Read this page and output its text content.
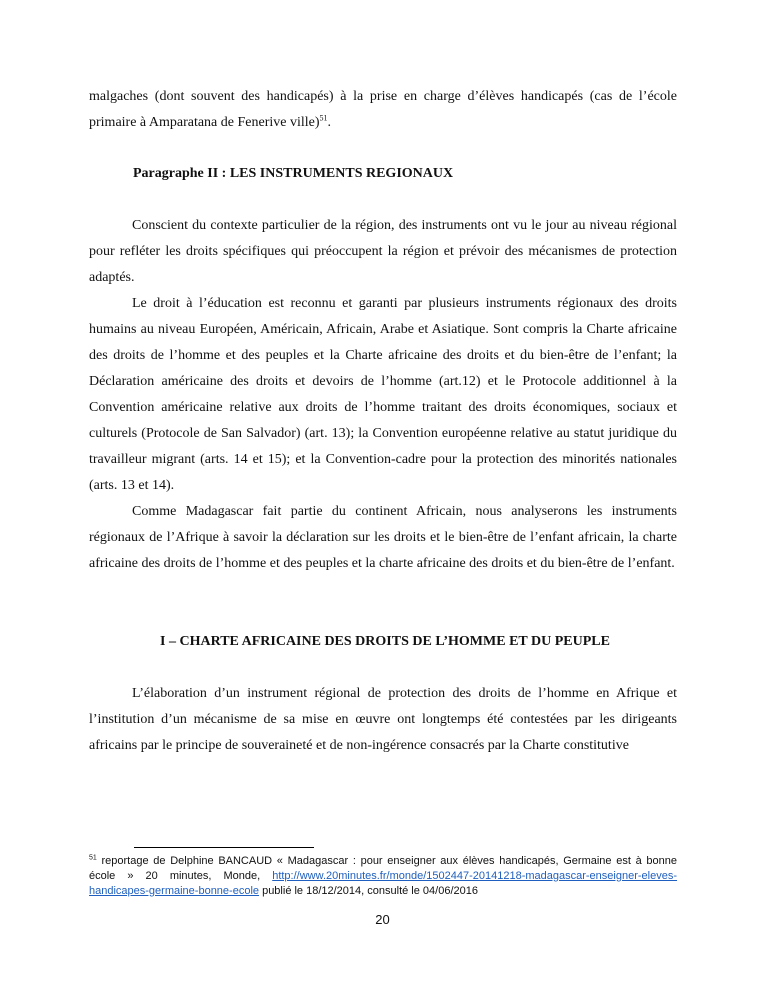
malgaches (dont souvent des handicapés) à la prise en charge d’élèves handicapés (cas de l’école primaire à Amparatana de Fenerive ville)$^{51}$.

Paragraphe II : LES INSTRUMENTS REGIONAUX

Conscient du contexte particulier de la région, des instruments ont vu le jour au niveau régional pour refléter les droits spécifiques qui préoccupent la région et prévoir des mécanismes de protection adaptés.

Le droit à l’éducation est reconnu et garanti par plusieurs instruments régionaux des droits humains au niveau Européen, Américain, Africain, Arabe et Asiatique. Sont compris la Charte africaine des droits de l’homme et des peuples et la Charte africaine des droits et du bien-être de l’enfant; la Déclaration américaine des droits et devoirs de l’homme (art.12) et le Protocole additionnel à la Convention américaine relative aux droits de l’homme traitant des droits économiques, sociaux et culturels (Protocole de San Salvador) (art. 13); la Convention européenne relative au statut juridique du travailleur migrant (arts. 14 et 15); et la Convention-cadre pour la protection des minorités nationales (arts. 13 et 14).

Comme Madagascar fait partie du continent Africain, nous analyserons les instruments régionaux de l’Afrique à savoir la déclaration sur les droits et le bien-être de l’enfant africain, la charte africaine des droits de l’homme et des peuples et la charte africaine des droits et du bien-être de l’enfant.

I – CHARTE AFRICAINE DES DROITS DE L’HOMME ET DU PEUPLE

L’élaboration d’un instrument régional de protection des droits de l’homme en Afrique et l’institution d’un mécanisme de sa mise en œuvre ont longtemps été contestées par les dirigeants africains par le principe de souveraineté et de non-ingérence consacrés par la Charte constitutive

$^{51}$ reportage de Delphine BANCAUD « Madagascar : pour enseigner aux élèves handicapés, Germaine est à bonne école » 20 minutes, Monde, http://www.20minutes.fr/monde/1502447-20141218-madagascar-enseigner-eleves-handicapes-germaine-bonne-ecole publié le 18/12/2014, consulté le 04/06/2016
20
